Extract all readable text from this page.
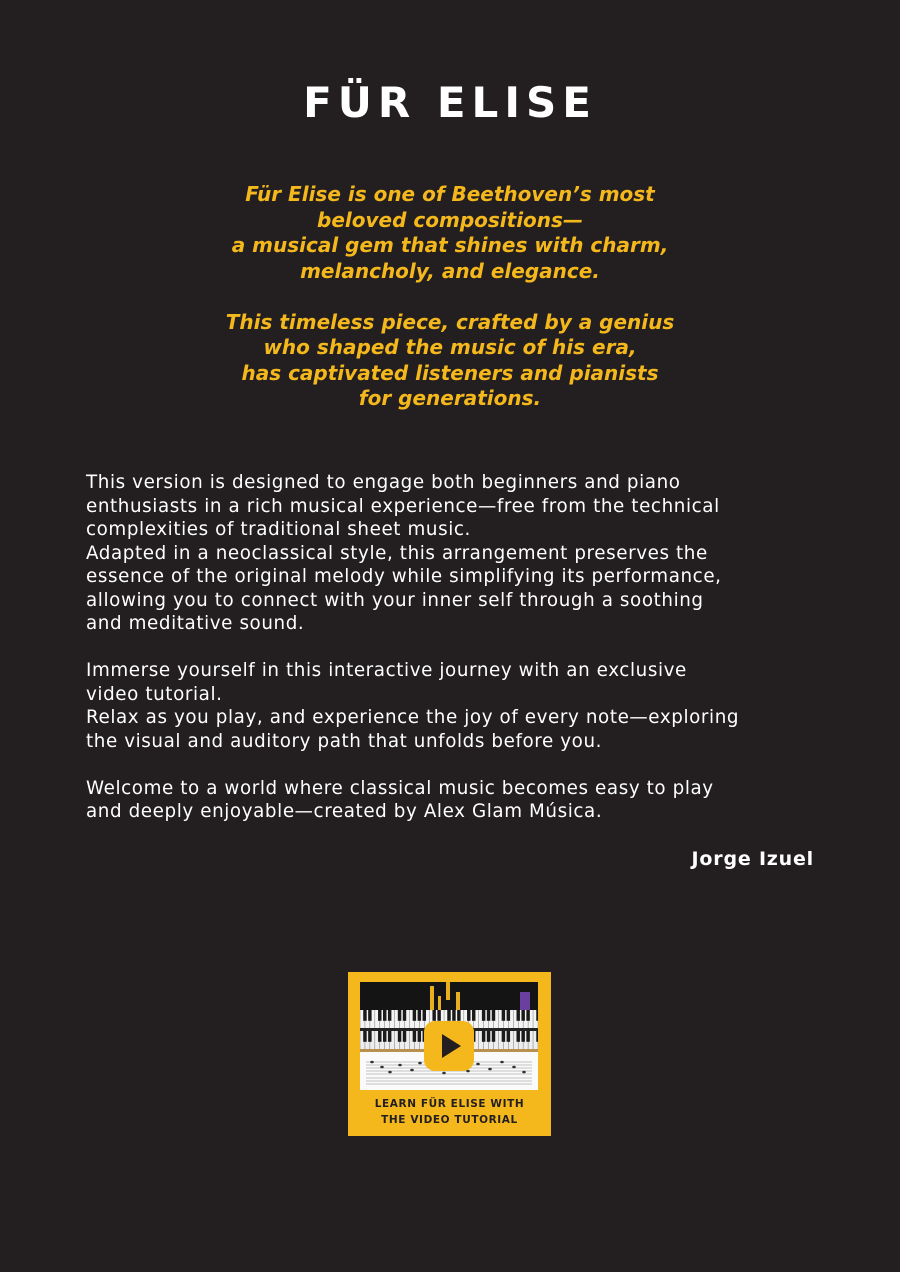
FÜR ELISE
Für Elise is one of Beethoven’s most
beloved compositions—
a musical gem that shines with charm,
melancholy, and elegance.
This timeless piece, crafted by a genius
who shaped the music of his era,
has captivated listeners and pianists
for generations.
This version is designed to engage both beginners and piano
enthusiasts in a rich musical experience—free from the technical
complexities of traditional sheet music.
Adapted in a neoclassical style, this arrangement preserves the
essence of the original melody while simplifying its performance,
allowing you to connect with your inner self through a soothing
and meditative sound.
Immerse yourself in this interactive journey with an exclusive
video tutorial.
Relax as you play, and experience the joy of every note—exploring
the visual and auditory path that unfolds before you.
Welcome to a world where classical music becomes easy to play
and deeply enjoyable—created by Alex Glam Música.
Jorge Izuel
LEARN FÜR ELISE WITH
THE VIDEO TUTORIAL
